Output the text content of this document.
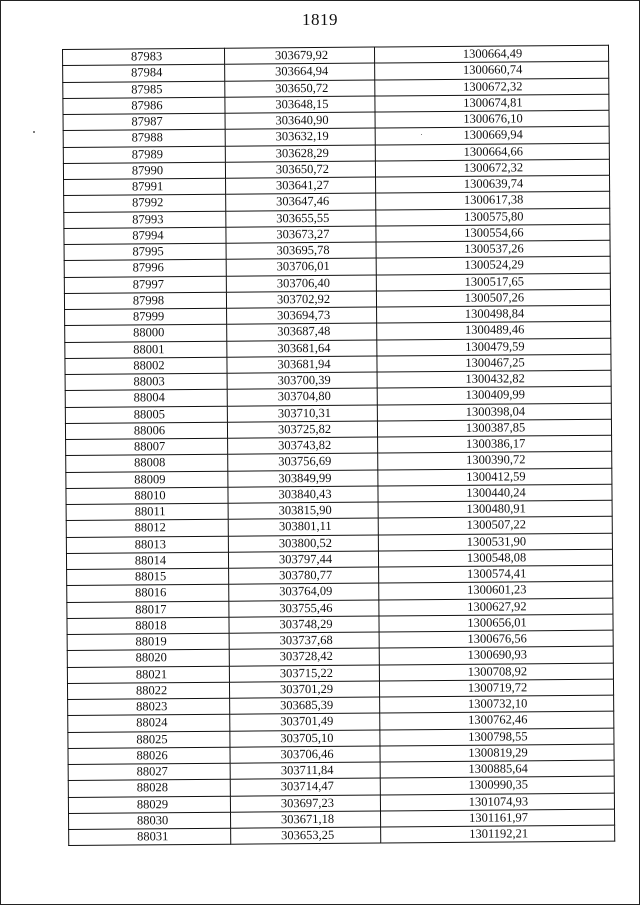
1819
87983	303679,92	1300664,49
87984	303664,94	1300660,74
87985	303650,72	1300672,32
87986	303648,15	1300674,81
87987	303640,90	1300676,10
87988	303632,19	1300669,94
87989	303628,29	1300664,66
87990	303650,72	1300672,32
87991	303641,27	1300639,74
87992	303647,46	1300617,38
87993	303655,55	1300575,80
87994	303673,27	1300554,66
87995	303695,78	1300537,26
87996	303706,01	1300524,29
87997	303706,40	1300517,65
87998	303702,92	1300507,26
87999	303694,73	1300498,84
88000	303687,48	1300489,46
88001	303681,64	1300479,59
88002	303681,94	1300467,25
88003	303700,39	1300432,82
88004	303704,80	1300409,99
88005	303710,31	1300398,04
88006	303725,82	1300387,85
88007	303743,82	1300386,17
88008	303756,69	1300390,72
88009	303849,99	1300412,59
88010	303840,43	1300440,24
88011	303815,90	1300480,91
88012	303801,11	1300507,22
88013	303800,52	1300531,90
88014	303797,44	1300548,08
88015	303780,77	1300574,41
88016	303764,09	1300601,23
88017	303755,46	1300627,92
88018	303748,29	1300656,01
88019	303737,68	1300676,56
88020	303728,42	1300690,93
88021	303715,22	1300708,92
88022	303701,29	1300719,72
88023	303685,39	1300732,10
88024	303701,49	1300762,46
88025	303705,10	1300798,55
88026	303706,46	1300819,29
88027	303711,84	1300885,64
88028	303714,47	1300990,35
88029	303697,23	1301074,93
88030	303671,18	1301161,97
88031	303653,25	1301192,21
